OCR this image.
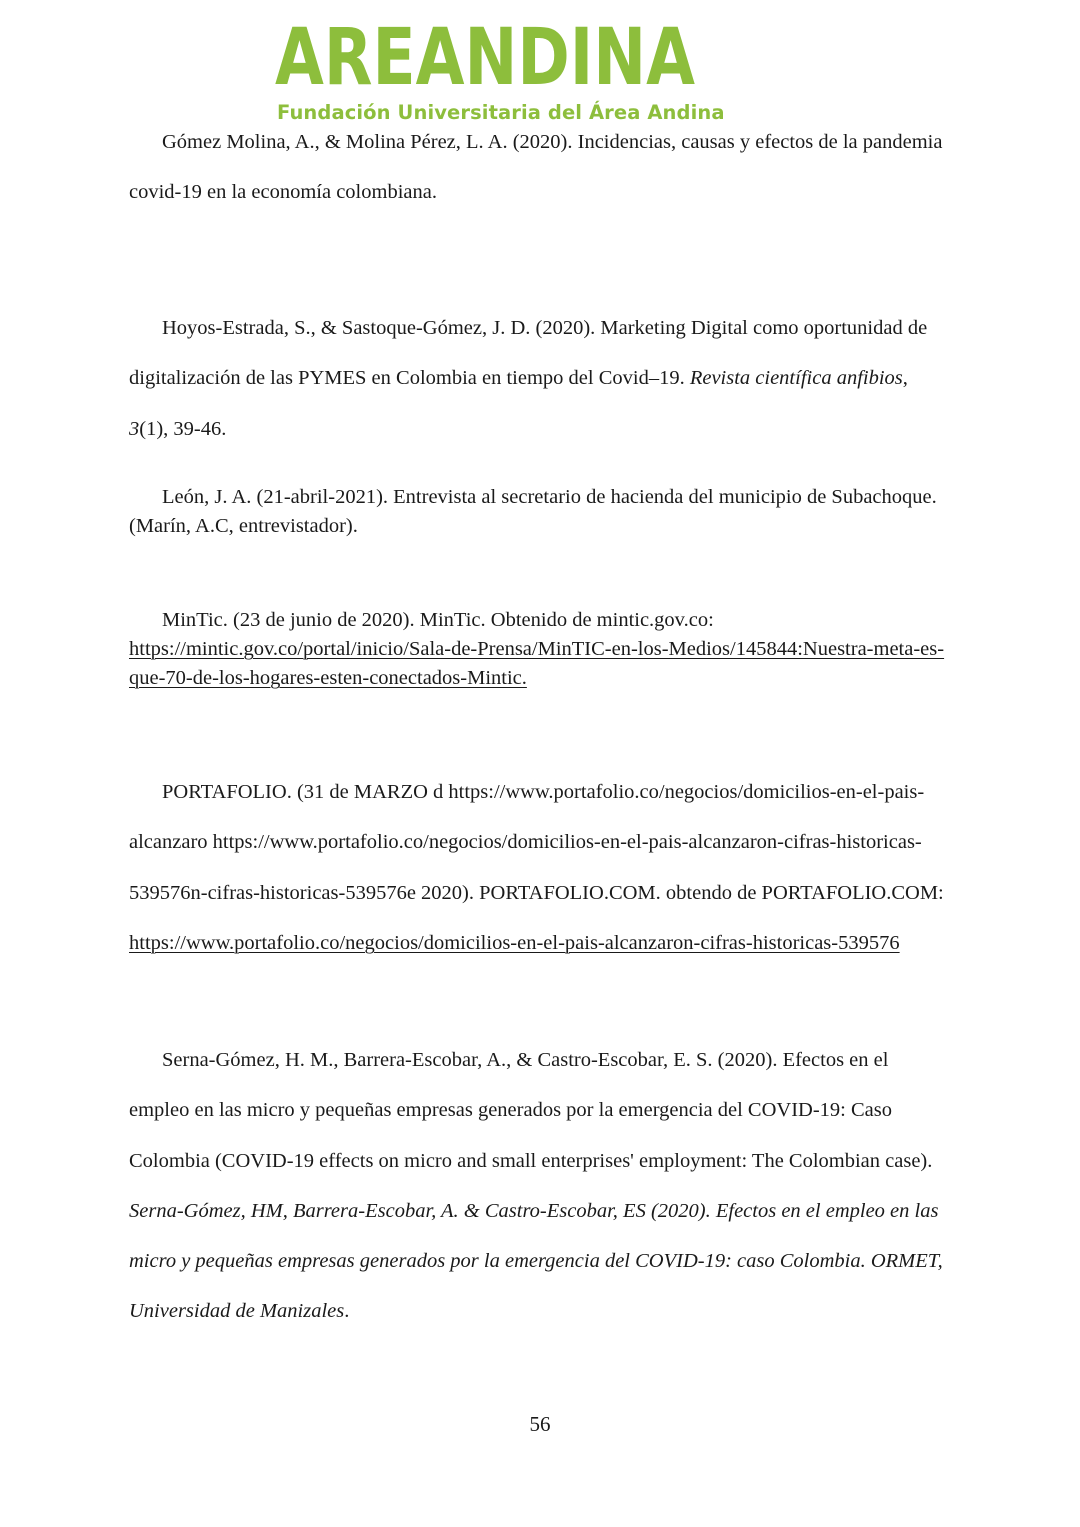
AREANDINA
Fundación Universitaria del Área Andina

Gómez Molina, A., & Molina Pérez, L. A. (2020). Incidencias, causas y efectos de la pandemia covid-19 en la economía colombiana.

Hoyos-Estrada, S., & Sastoque-Gómez, J. D. (2020). Marketing Digital como oportunidad de digitalización de las PYMES en Colombia en tiempo del Covid–19. Revista científica anfibios, 3(1), 39-46.

León, J. A. (21-abril-2021). Entrevista al secretario de hacienda del municipio de Subachoque. (Marín, A.C, entrevistador).

MinTic. (23 de junio de 2020). MinTic. Obtenido de mintic.gov.co:
https://mintic.gov.co/portal/inicio/Sala-de-Prensa/MinTIC-en-los-Medios/145844:Nuestra-meta-es-que-70-de-los-hogares-esten-conectados-Mintic.

PORTAFOLIO. (31 de MARZO d https://www.portafolio.co/negocios/domicilios-en-el-pais-alcanzaro https://www.portafolio.co/negocios/domicilios-en-el-pais-alcanzaron-cifras-historicas-539576n-cifras-historicas-539576e 2020). PORTAFOLIO.COM. obtendo de PORTAFOLIO.COM: https://www.portafolio.co/negocios/domicilios-en-el-pais-alcanzaron-cifras-historicas-539576

Serna-Gómez, H. M., Barrera-Escobar, A., & Castro-Escobar, E. S. (2020). Efectos en el empleo en las micro y pequeñas empresas generados por la emergencia del COVID-19: Caso Colombia (COVID-19 effects on micro and small enterprises' employment: The Colombian case). Serna-Gómez, HM, Barrera-Escobar, A. & Castro-Escobar, ES (2020). Efectos en el empleo en las micro y pequeñas empresas generados por la emergencia del COVID-19: caso Colombia. ORMET, Universidad de Manizales.

56
